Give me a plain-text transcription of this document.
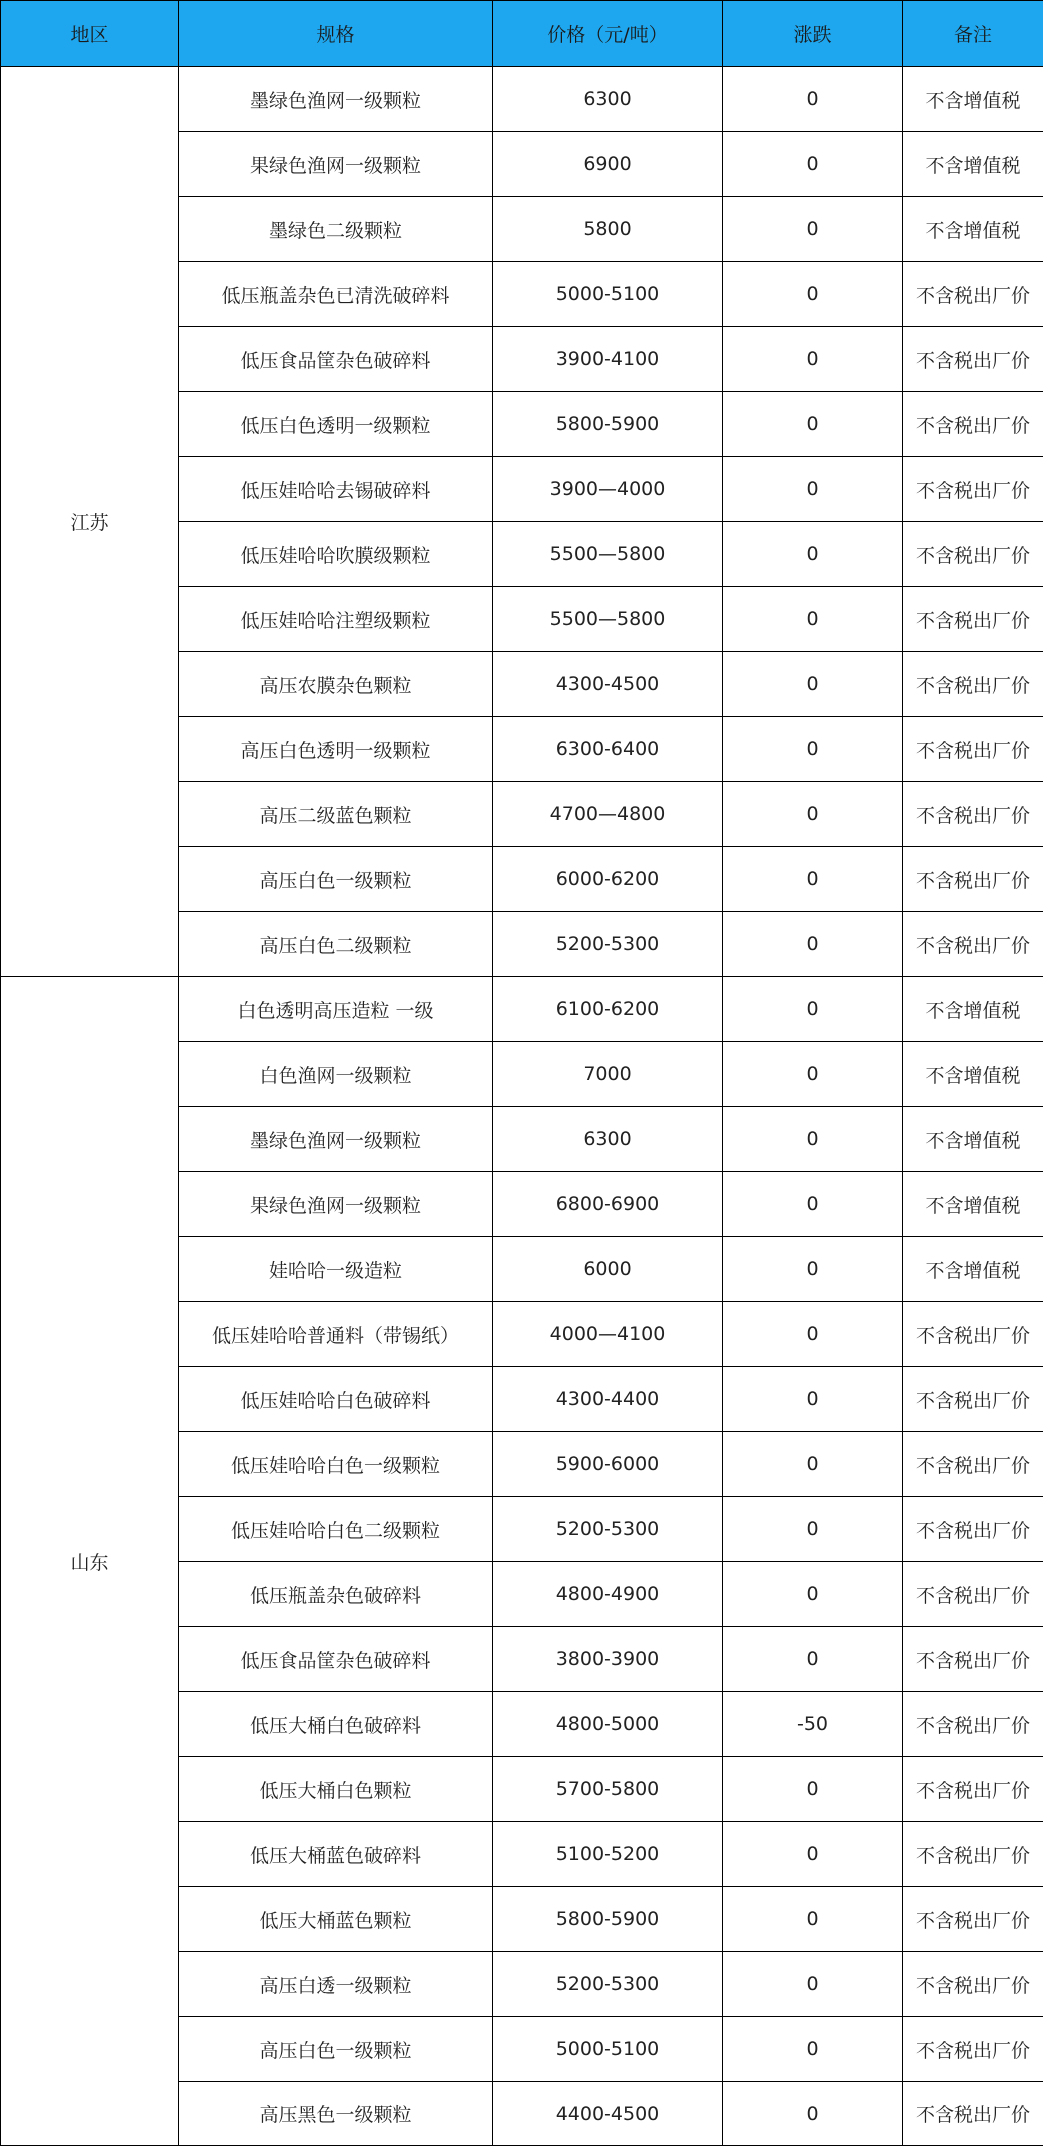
地区	规格	价格（元/吨）	涨跌	备注
江苏	墨绿色渔网一级颗粒	6300	0	不含增值税
	果绿色渔网一级颗粒	6900	0	不含增值税
	墨绿色二级颗粒	5800	0	不含增值税
	低压瓶盖杂色已清洗破碎料	5000-5100	0	不含税出厂价
	低压食品筐杂色破碎料	3900-4100	0	不含税出厂价
	低压白色透明一级颗粒	5800-5900	0	不含税出厂价
	低压娃哈哈去锡破碎料	3900—4000	0	不含税出厂价
	低压娃哈哈吹膜级颗粒	5500—5800	0	不含税出厂价
	低压娃哈哈注塑级颗粒	5500—5800	0	不含税出厂价
	高压农膜杂色颗粒	4300-4500	0	不含税出厂价
	高压白色透明一级颗粒	6300-6400	0	不含税出厂价
	高压二级蓝色颗粒	4700—4800	0	不含税出厂价
	高压白色一级颗粒	6000-6200	0	不含税出厂价
	高压白色二级颗粒	5200-5300	0	不含税出厂价
山东	白色透明高压造粒 一级	6100-6200	0	不含增值税
	白色渔网一级颗粒	7000	0	不含增值税
	墨绿色渔网一级颗粒	6300	0	不含增值税
	果绿色渔网一级颗粒	6800-6900	0	不含增值税
	娃哈哈一级造粒	6000	0	不含增值税
	低压娃哈哈普通料（带锡纸）	4000—4100	0	不含税出厂价
	低压娃哈哈白色破碎料	4300-4400	0	不含税出厂价
	低压娃哈哈白色一级颗粒	5900-6000	0	不含税出厂价
	低压娃哈哈白色二级颗粒	5200-5300	0	不含税出厂价
	低压瓶盖杂色破碎料	4800-4900	0	不含税出厂价
	低压食品筐杂色破碎料	3800-3900	0	不含税出厂价
	低压大桶白色破碎料	4800-5000	-50	不含税出厂价
	低压大桶白色颗粒	5700-5800	0	不含税出厂价
	低压大桶蓝色破碎料	5100-5200	0	不含税出厂价
	低压大桶蓝色颗粒	5800-5900	0	不含税出厂价
	高压白透一级颗粒	5200-5300	0	不含税出厂价
	高压白色一级颗粒	5000-5100	0	不含税出厂价
	高压黑色一级颗粒	4400-4500	0	不含税出厂价
